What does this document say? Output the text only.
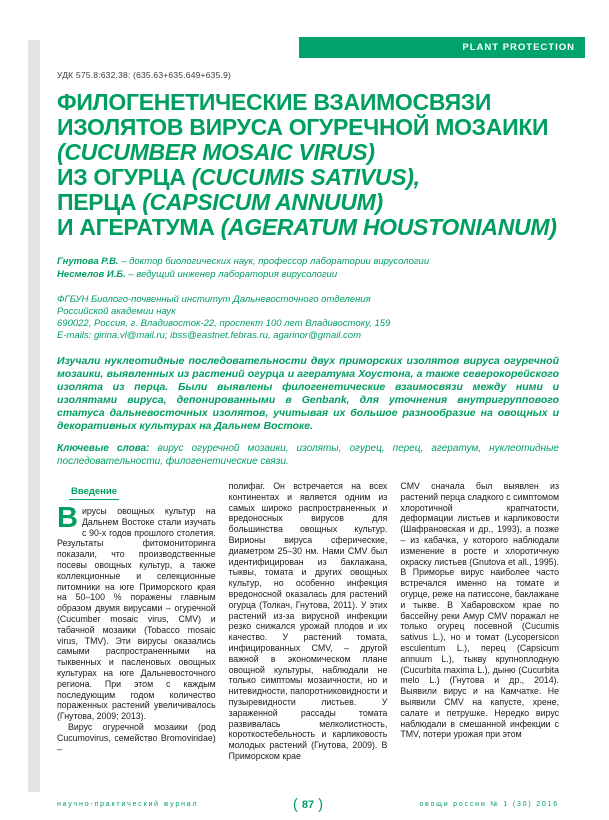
PLANT PROTECTION
УДК 575.8:632.38: (635.63+635.649+635.9)
ФИЛОГЕНЕТИЧЕСКИЕ ВЗАИМОСВЯЗИ
ИЗОЛЯТОВ ВИРУСА ОГУРЕЧНОЙ МОЗАИКИ
(CUCUMBER MOSAIC VIRUS)
ИЗ ОГУРЦА (CUCUMIS SATIVUS),
ПЕРЦА (CAPSICUM ANNUUM)
И АГЕРАТУМА (AGERATUM HOUSTONIANUM)

Гнутова Р.В. – доктор биологических наук, профессор лаборатории вирусологии

Несмелов И.Б. – ведущий инженер лаборатория вирусологии

ФГБУН Биолого-почвенный институт Дальневосточного отделения
Российской академии наук
690022, Россия, г. Владивосток-22, проспект 100 лет Владивостоку, 159
E-mails: girina.vl@mail.ru; ibss@eastnet.febras.ru, agarinor@gmail.com

Изучали нуклеотидные последовательности двух приморских изолятов вируса огуречной мозаики, выявленных из растений огурца и агератума Хоустона, а также северокорейского изолята из перца. Были выявлены филогенетические взаимосвязи между ними и изолятами вируса, депонированными в Genbank, для уточнения внутригруппового статуса дальневосточных изолятов, учитывая их большое разнообразие на овощных и декоративных культурах на Дальнем Востоке.

Ключевые слова: вирус огуречной мозаики, изоляты, огурец, перец, агератум, нуклеотидные последовательности, филогенетические связи.

Введение

Вирусы овощных культур на Дальнем Востоке стали изучать с 90-х годов прошлого столетия. Результаты фитомониторинга показали, что производственные посевы овощных культур, а также коллекционные и селекционные питомники на юге Приморского края на 50–100 % поражены главным образом двумя вирусами – огуречной (Cucumber mosaic virus, CMV) и табачной мозаики (Tobacco mosaic virus, TMV). Эти вирусы оказались самыми распространенными на тыквенных и пасленовых овощных культурах на юге Дальневосточного региона. При этом с каждым последующим годом количество пораженных растений увеличивалось (Гнутова, 2009; 2013).

Вирус огуречной мозаики (род Cucumovirus, семейство Bromoviridae) –

полифаг. Он встречается на всех континентах и является одним из самых широко распространенных и вредоносных вирусов для большинства овощных культур. Вирионы вируса сферические, диаметром 25–30 нм. Нами CMV был идентифицирован из баклажана, тыквы, томата и других овощных культур, но особенно инфекция вредоносной оказалась для растений огурца (Толкач, Гнутова, 2011). У этих растений из-за вирусной инфекции резко снижался урожай плодов и их качество. У растений томата, инфицированных CMV, – другой важной в экономическом плане овощной культуры, наблюдали не только симптомы мозаичности, но и нитевидности, папоротниковидности и пузыревидности листьев. У зараженной рассады томата развивалась мелколистность, короткостебельность и карликовость молодых растений (Гнутова, 2009). В Приморском крае

CMV сначала был выявлен из растений перца сладкого с симптомом хлоротичной крапчатости, деформации листьев и карликовости (Шафрановская и др., 1993), а позже – из кабачка, у которого наблюдали изменение в росте и хлоротичную окраску листьев (Gnutova et all., 1995). В Приморье вирус наиболее часто встречался именно на томате и огурце, реже на патиссоне, баклажане и тыкве. В Хабаровском крае по бассейну реки Амур CMV поражал не только огурец посевной (Cucumis sativus L.), но и томат (Lycopersicon esculentum L.), перец (Capsicum annuum L.), тыкву крупноплодную (Cucurbita maxima L.), дыню (Cucurbita melo L.) (Гнутова и др., 2014). Выявили вирус и на Камчатке. Не выявили CMV на капусте, хрене, салате и петрушке. Нередко вирус наблюдали в смешанной инфекции с TMV, потери урожая при этом

научно-практический журнал	( 87 )	овощи россии № 1 (30) 2016
